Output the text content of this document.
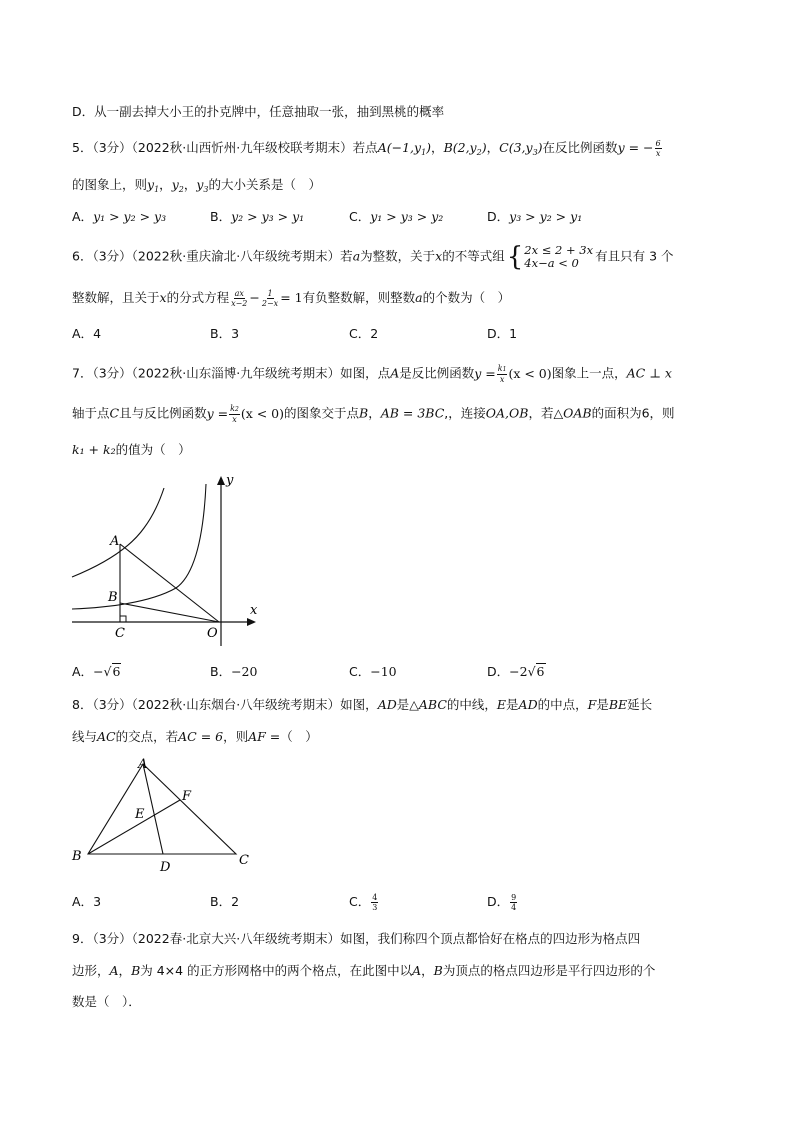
D．从一副去掉大小王的扑克牌中，任意抽取一张，抽到黑桃的概率
5．（3分）（2022秋·山西忻州·九年级校联考期末）若点$A(-1,y_1)$，$B(2,y_2)$，$C(3,y_3)$在反比例函数y = − $\frac{6}{x}$
的图象上，则$y_1$，$y_2$，$y_3$的大小关系是（　）
A．y₁ > y₂ > y₃	B．y₂ > y₃ > y₁	C．y₁ > y₃ > y₂	D．y₃ > y₂ > y₁
6．（3分）（2022秋·重庆渝北·八年级统考期末）若a为整数，关于x的不等式组 { 2x ≤ 2 + 3x
4x−a < 0	有且只有 3 个
整数解，且关于x的分式方程 $\frac{ax}{x-2} - \frac{1}{2-x} = 1$有负整数解，则整数a的个数为（　）
A．4	B．3	C．2	D．1
7．（3分）（2022秋·山东淄博·九年级统考期末）如图，点A是反比例函数$y = \frac{k1}{x} (x < 0)$图象上一点，AC ⊥ x
轴于点C且与反比例函数$y = \frac{k2}{x} (x < 0)$的图象交于点B，AB = 3BC,，连接OA,OB，若△OAB的面积为6，则
k₁ + k₂的值为（　）
y
x
A
B
C	O
A．−√6	B．−20	C．−10	D．−2√6
8．（3分）（2022秋·山东烟台·八年级统考期末）如图，AD是△ABC的中线，E是AD的中点，F是BE延长
线与AC的交点，若AC = 6，则AF =（　）
A
B	C
D
E
F
A．3	B．2	C． $\frac{4}{3}$	D． $\frac{9}{4}$
9．（3分）（2022春·北京大兴·八年级统考期末）如图，我们称四个顶点都恰好在格点的四边形为格点四
边形，A，B为 4×4 的正方形网格中的两个格点，在此图中以A，B为顶点的格点四边形是平行四边形的个
数是（　）．
